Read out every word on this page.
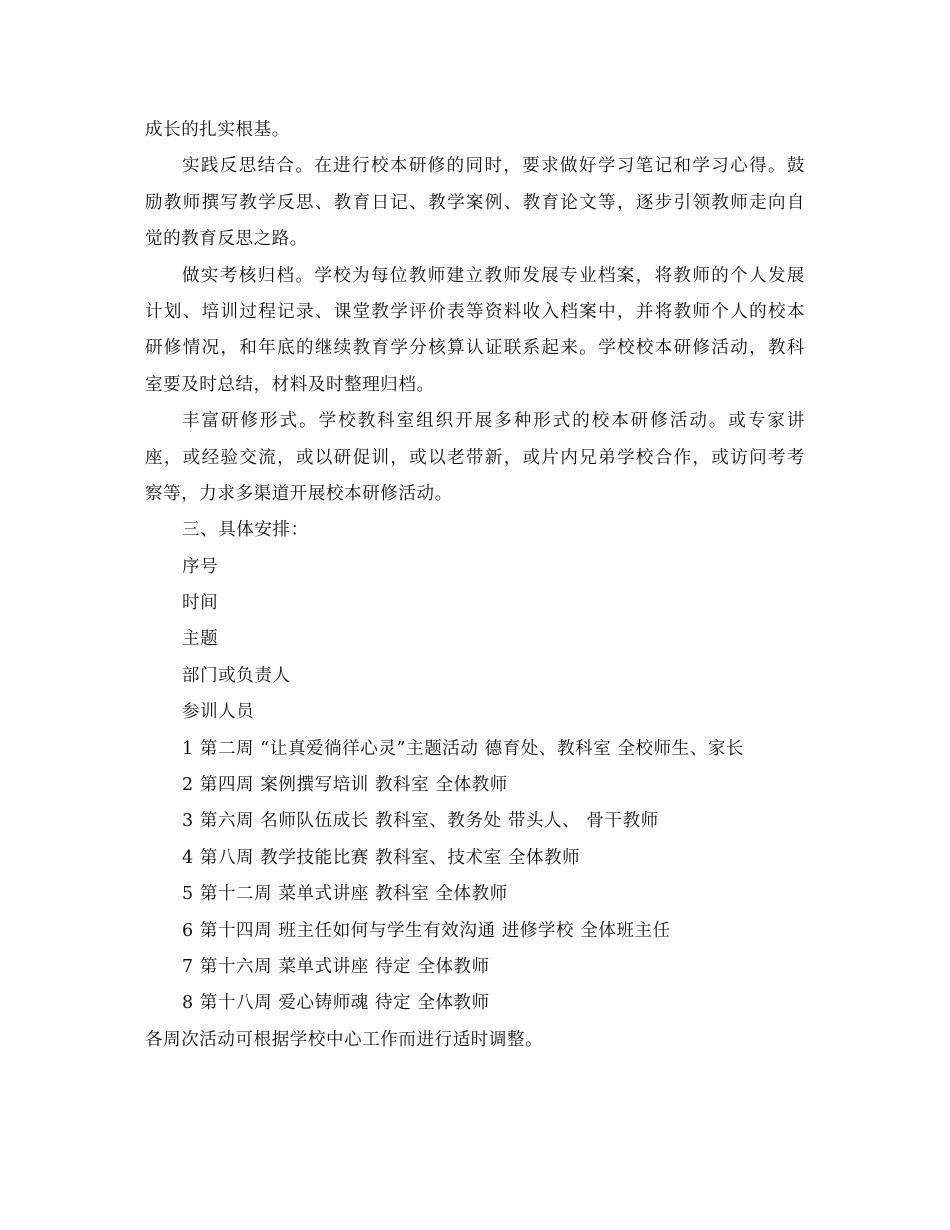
成长的扎实根基。
实践反思结合。在进行校本研修的同时，要求做好学习笔记和学习心得。鼓
励教师撰写教学反思、教育日记、教学案例、教育论文等，逐步引领教师走向自
觉的教育反思之路。
做实考核归档。学校为每位教师建立教师发展专业档案，将教师的个人发展
计划、培训过程记录、课堂教学评价表等资料收入档案中，并将教师个人的校本
研修情况，和年底的继续教育学分核算认证联系起来。学校校本研修活动，教科
室要及时总结，材料及时整理归档。
丰富研修形式。学校教科室组织开展多种形式的校本研修活动。或专家讲
座，或经验交流，或以研促训，或以老带新，或片内兄弟学校合作，或访问考考
察等，力求多渠道开展校本研修活动。
三、具体安排：
序号
时间
主题
部门或负责人
参训人员
1 第二周 “让真爱徜徉心灵”主题活动 德育处、教科室 全校师生、家长
2 第四周 案例撰写培训 教科室 全体教师
3 第六周 名师队伍成长 教科室、教务处 带头人、 骨干教师
4 第八周 教学技能比赛 教科室、技术室 全体教师
5 第十二周 菜单式讲座 教科室 全体教师
6 第十四周 班主任如何与学生有效沟通 进修学校 全体班主任
7 第十六周 菜单式讲座 待定 全体教师
8 第十八周 爱心铸师魂 待定 全体教师
各周次活动可根据学校中心工作而进行适时调整。
